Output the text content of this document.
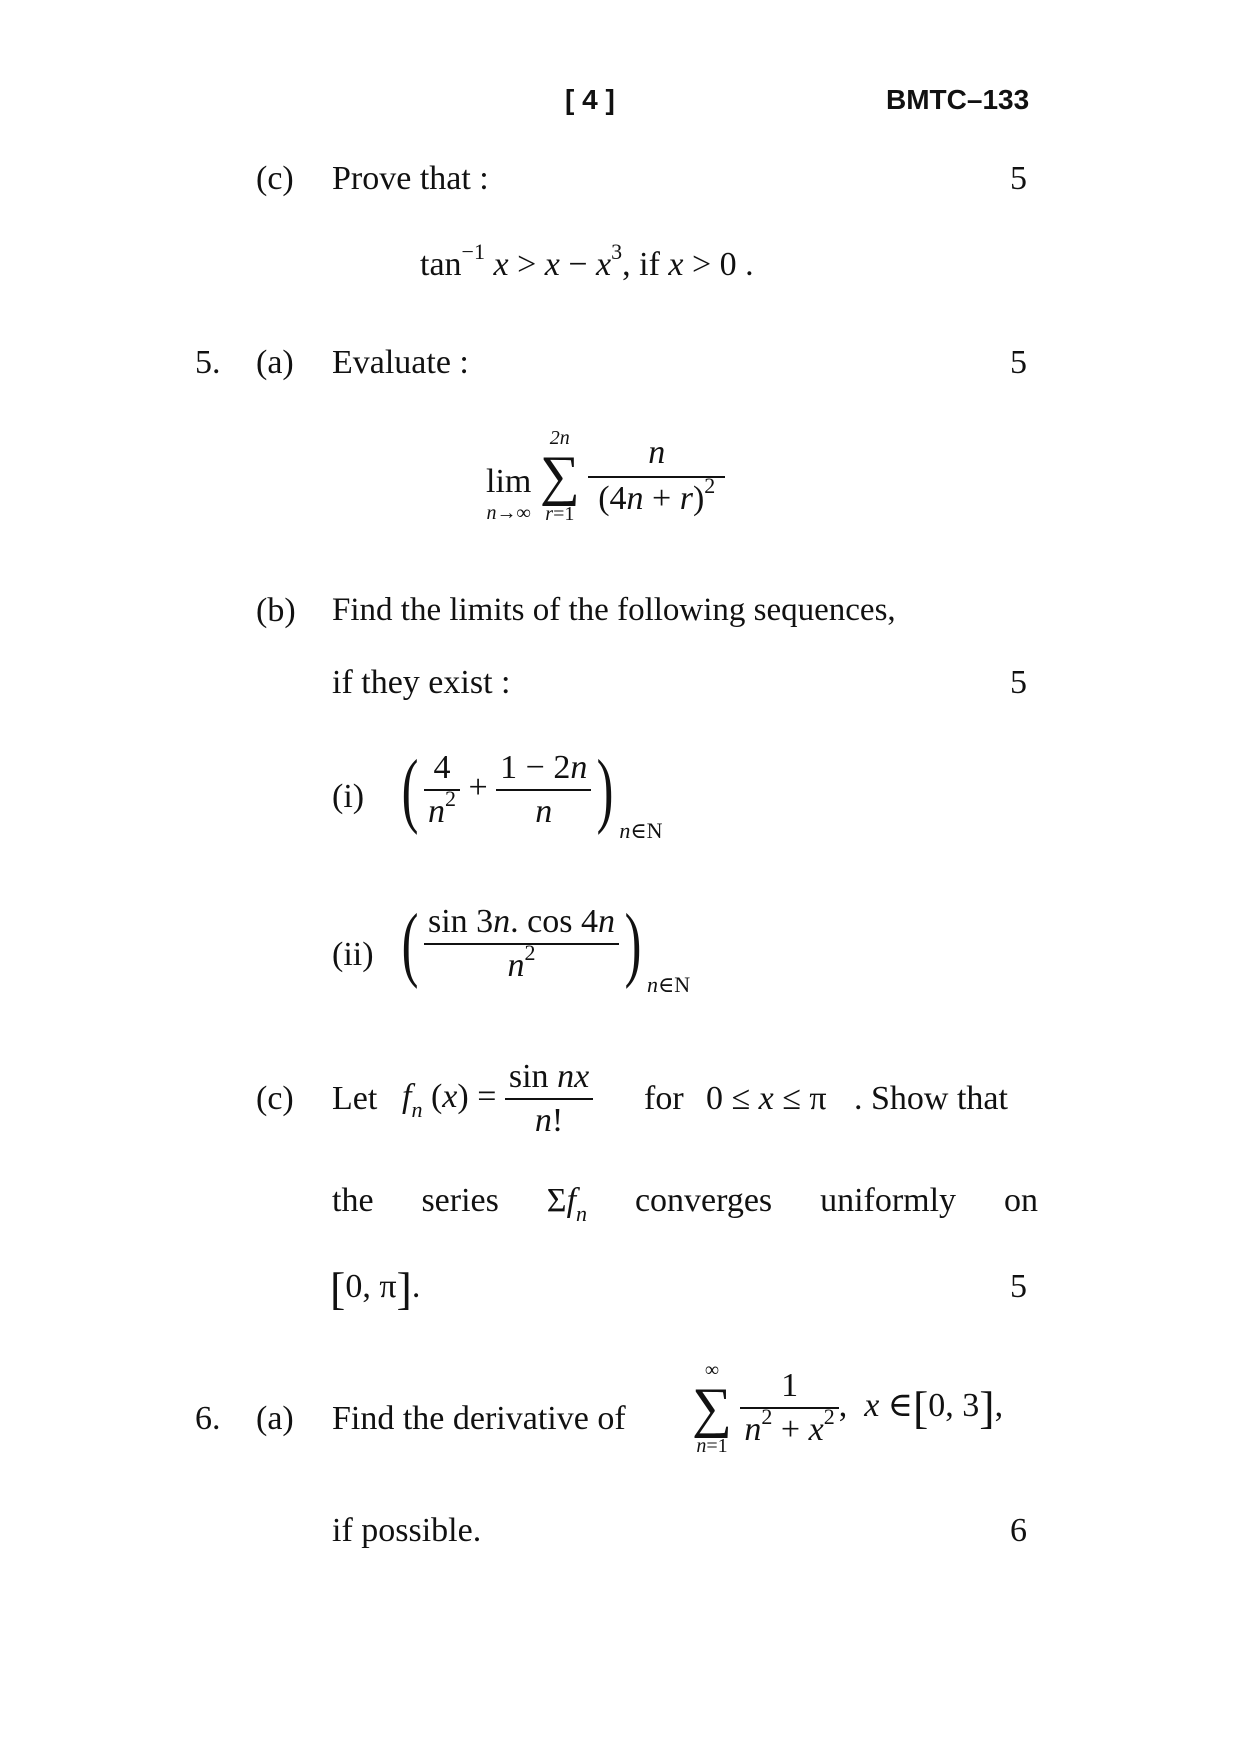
[ 4 ]	BMTC–133
(c) Prove that :	5
$\tan^{-1} x > x - x^3$, if x > 0 .
5. (a) Evaluate :	5
lim
n→∞

2n
∑
r=1
$\frac{n}{(4n + r)^2}$
(b) Find the limits of the following sequences,
if they exist :	5
(i) ( $\frac{4}{n^2} + \frac{1 - 2n}{n}$ ) $_{n\in N}$
(ii) ( $\frac{\sin 3n. \cos 4n}{n^2}$ ) $_{n\in N}$
(c) Let $f_n$ $(x) = \frac{\text{sin nx}}{n!}$ for 0 ≤ x ≤ π . Show that
the series $\Sigma f_n$ converges uniformly on
[0, π].	5
6. (a) Find the derivative of
∞
∑
n=1
$\frac{1}{n^2 + x^2}$ ,  x ∈[0, 3],
if possible.	6
